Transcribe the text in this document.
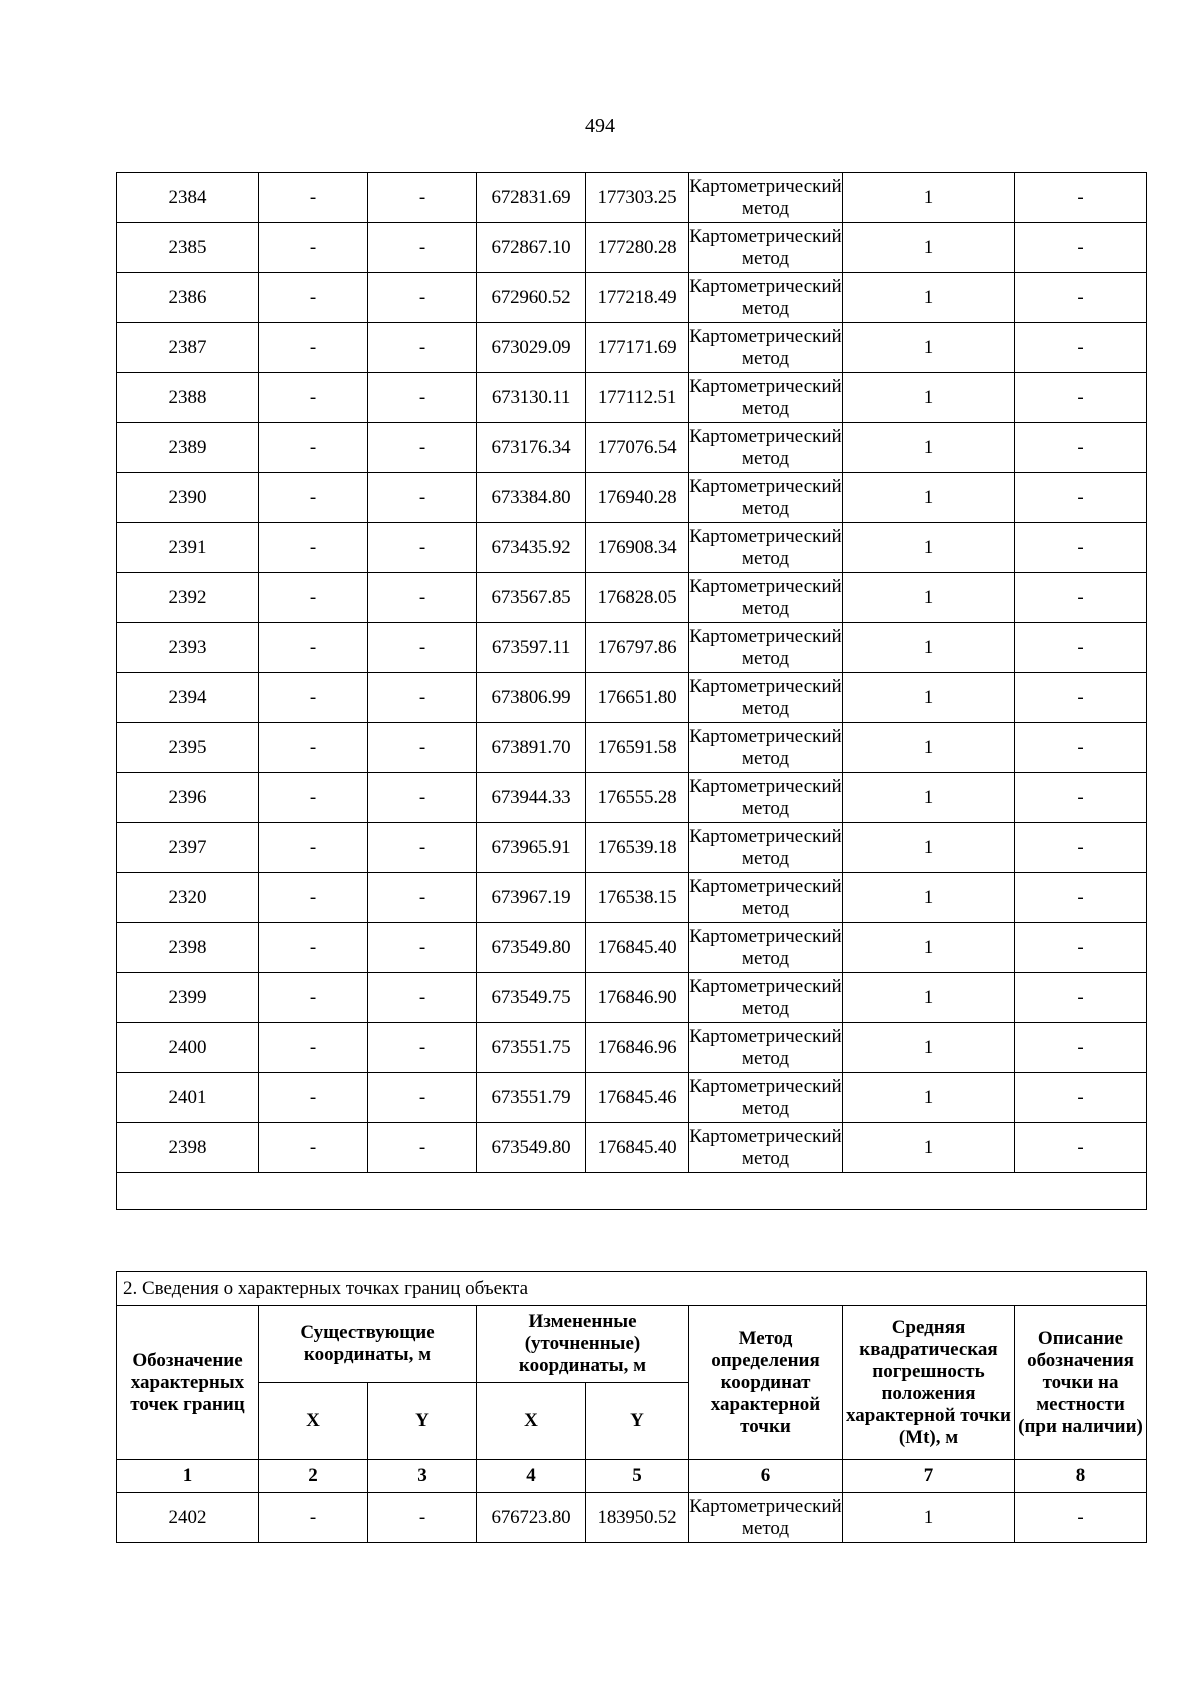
494
2384	-	-	672831.69	177303.25	Картометрический метод	1	-
2385	-	-	672867.10	177280.28	Картометрический метод	1	-
2386	-	-	672960.52	177218.49	Картометрический метод	1	-
2387	-	-	673029.09	177171.69	Картометрический метод	1	-
2388	-	-	673130.11	177112.51	Картометрический метод	1	-
2389	-	-	673176.34	177076.54	Картометрический метод	1	-
2390	-	-	673384.80	176940.28	Картометрический метод	1	-
2391	-	-	673435.92	176908.34	Картометрический метод	1	-
2392	-	-	673567.85	176828.05	Картометрический метод	1	-
2393	-	-	673597.11	176797.86	Картометрический метод	1	-
2394	-	-	673806.99	176651.80	Картометрический метод	1	-
2395	-	-	673891.70	176591.58	Картометрический метод	1	-
2396	-	-	673944.33	176555.28	Картометрический метод	1	-
2397	-	-	673965.91	176539.18	Картометрический метод	1	-
2320	-	-	673967.19	176538.15	Картометрический метод	1	-
2398	-	-	673549.80	176845.40	Картометрический метод	1	-
2399	-	-	673549.75	176846.90	Картометрический метод	1	-
2400	-	-	673551.75	176846.96	Картометрический метод	1	-
2401	-	-	673551.79	176845.46	Картометрический метод	1	-
2398	-	-	673549.80	176845.40	Картометрический метод	1	-

2. Сведения о характерных точках границ объекта							
Обозначение характерных точек границ	Существующие координаты, м		Измененные (уточненные) координаты, м		Метод определения координат характерной точки	Средняя квадратическая погрешность положения характерной точки (Mt), м	Описание обозначения точки на местности (при наличии)
	X	Y	X	Y			
1	2	3	4	5	6	7	8
2402	-	-	676723.80	183950.52	Картометрический метод	1	-
